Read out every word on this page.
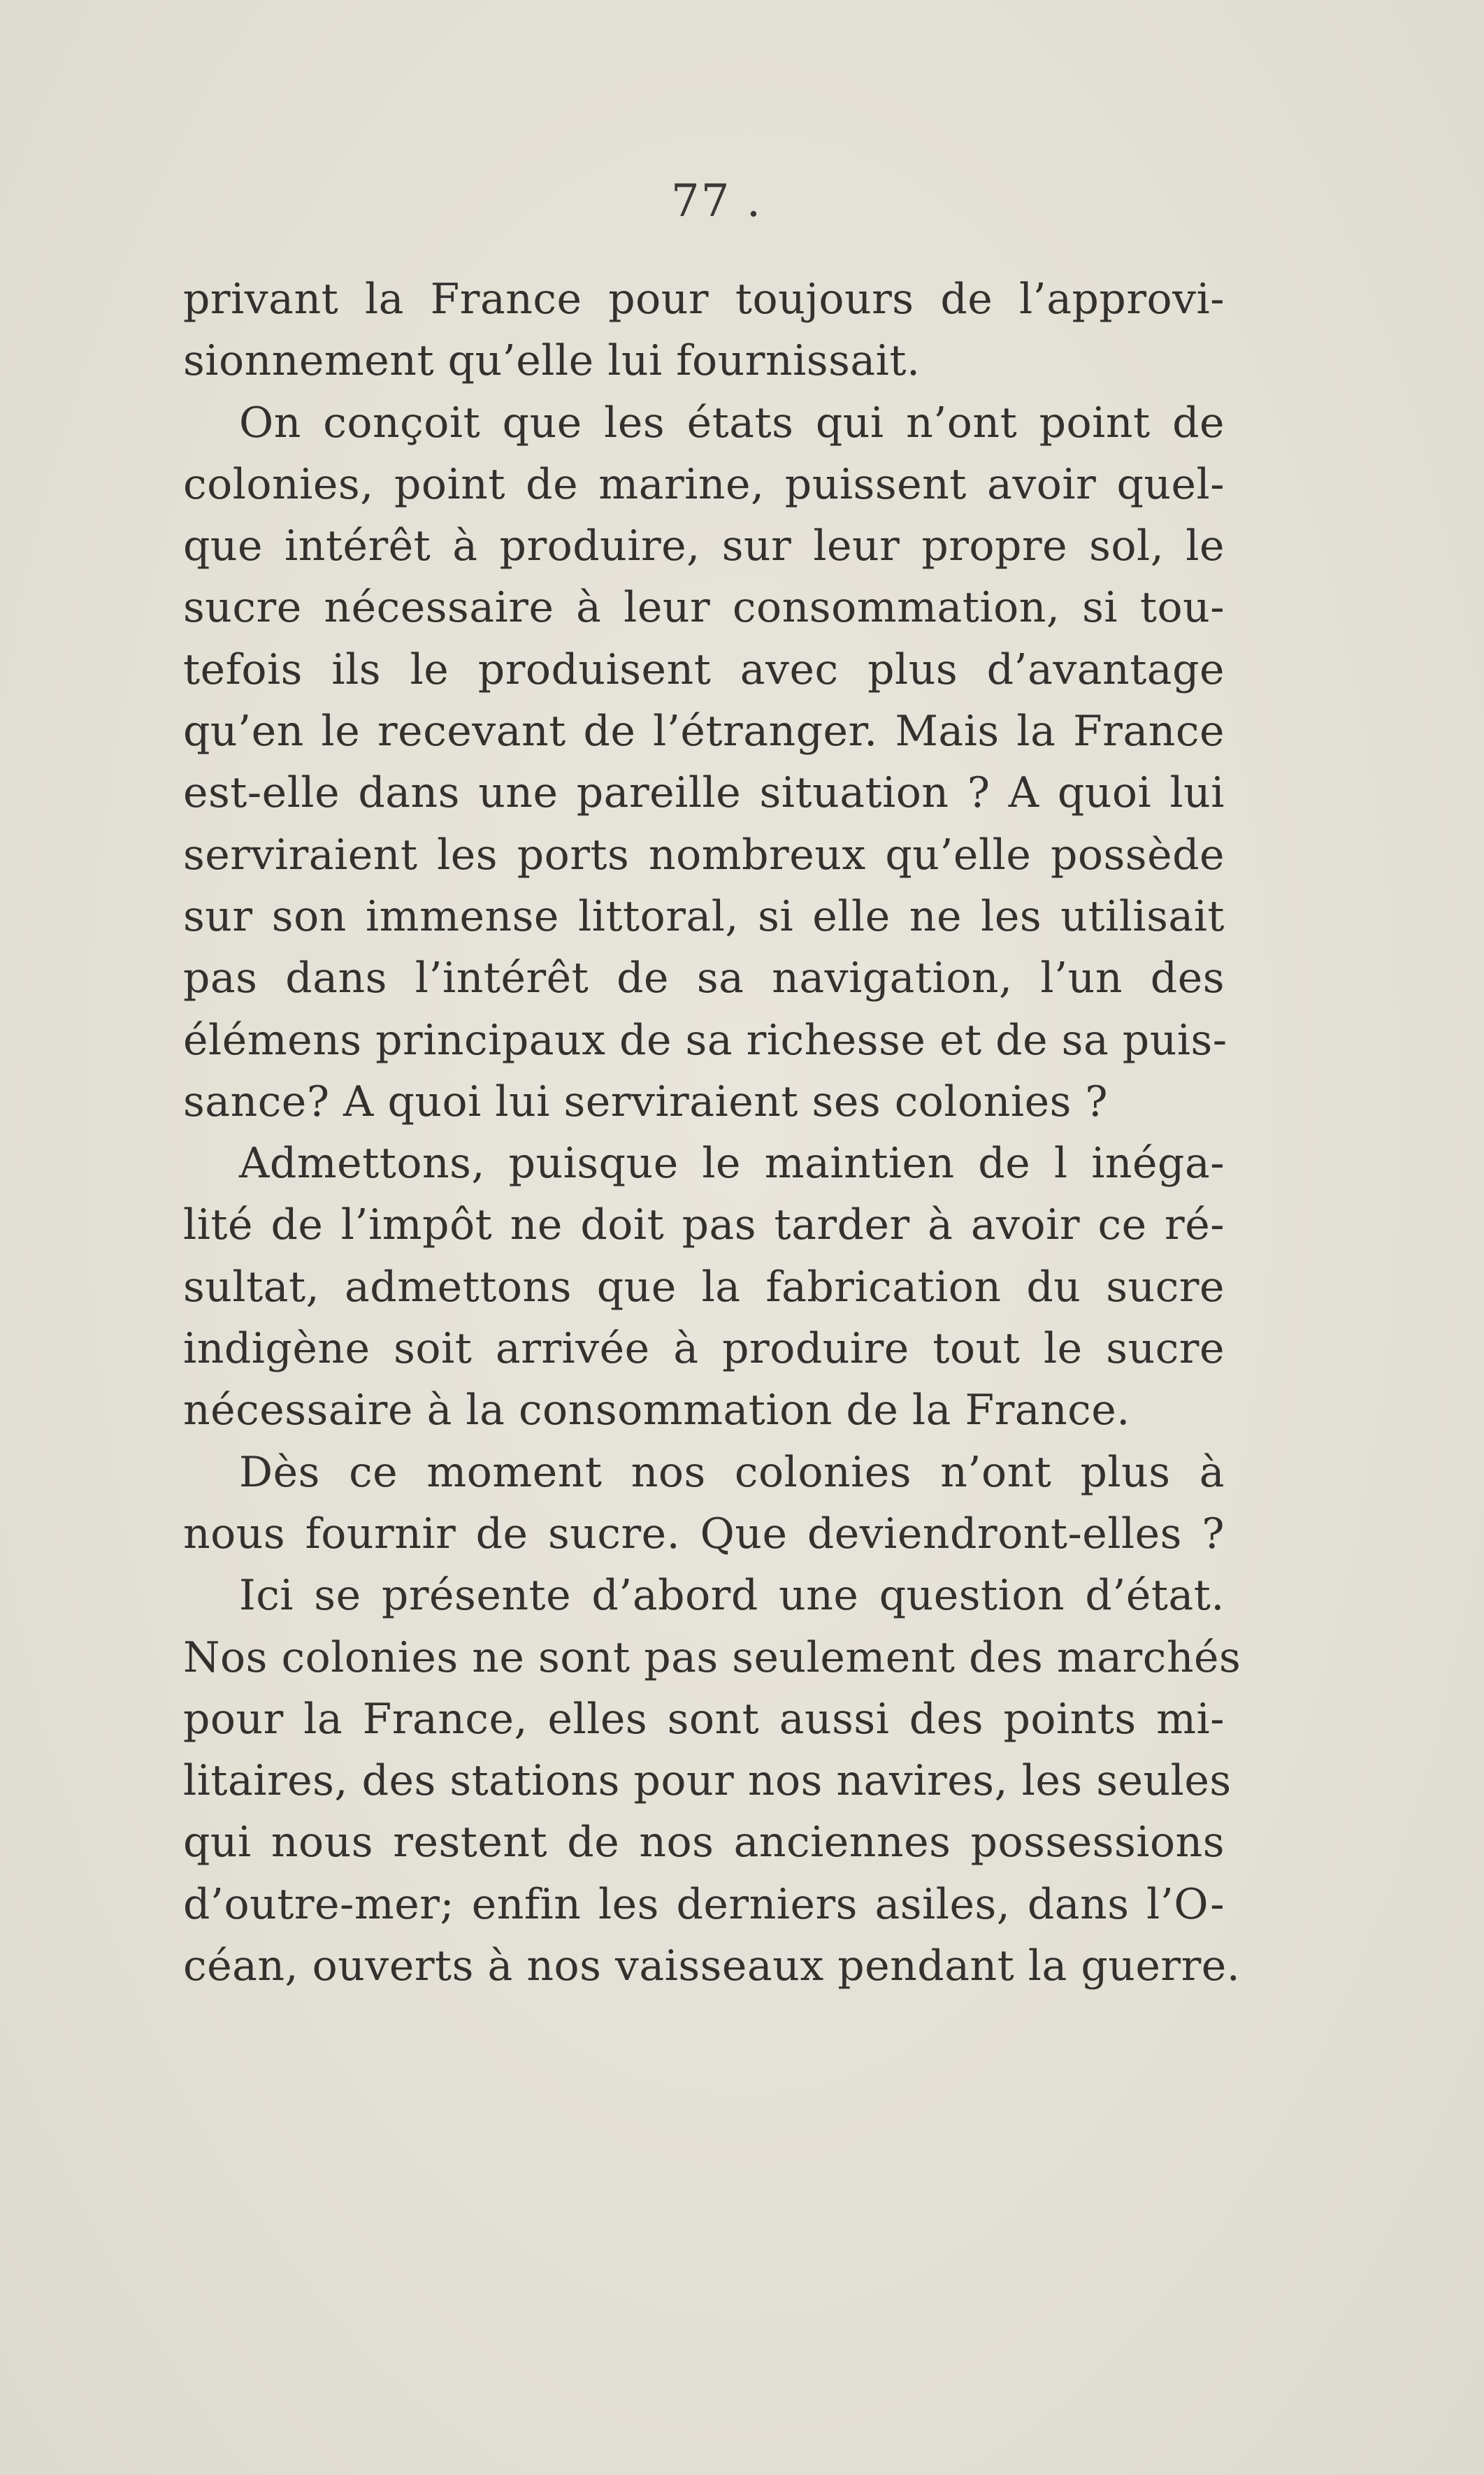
77 .
privant la France pour toujours de l’approvi-
sionnement qu’elle lui fournissait.
On conçoit que les états qui n’ont point de
colonies, point de marine, puissent avoir quel-
que intérêt à produire, sur leur propre sol, le
sucre nécessaire à leur consommation, si tou-
tefois ils le produisent avec plus d’avantage
qu’en le recevant de l’étranger. Mais la France
est-elle dans une pareille situation ? A quoi lui
serviraient les ports nombreux qu’elle possède
sur son immense littoral, si elle ne les utilisait
pas dans l’intérêt de sa navigation, l’un des
élémens principaux de sa richesse et de sa puis-
sance? A quoi lui serviraient ses colonies ?
Admettons, puisque le maintien de l inéga-
lité de l’impôt ne doit pas tarder à avoir ce ré-
sultat, admettons que la fabrication du sucre
indigène soit arrivée à produire tout le sucre
nécessaire à la consommation de la France.
Dès ce moment nos colonies n’ont plus à
nous fournir de sucre. Que deviendront-elles ?
Ici se présente d’abord une question d’état.
Nos colonies ne sont pas seulement des marchés
pour la France, elles sont aussi des points mi-
litaires, des stations pour nos navires, les seules
qui nous restent de nos anciennes possessions
d’outre-mer; enfin les derniers asiles, dans l’O-
céan, ouverts à nos vaisseaux pendant la guerre.
